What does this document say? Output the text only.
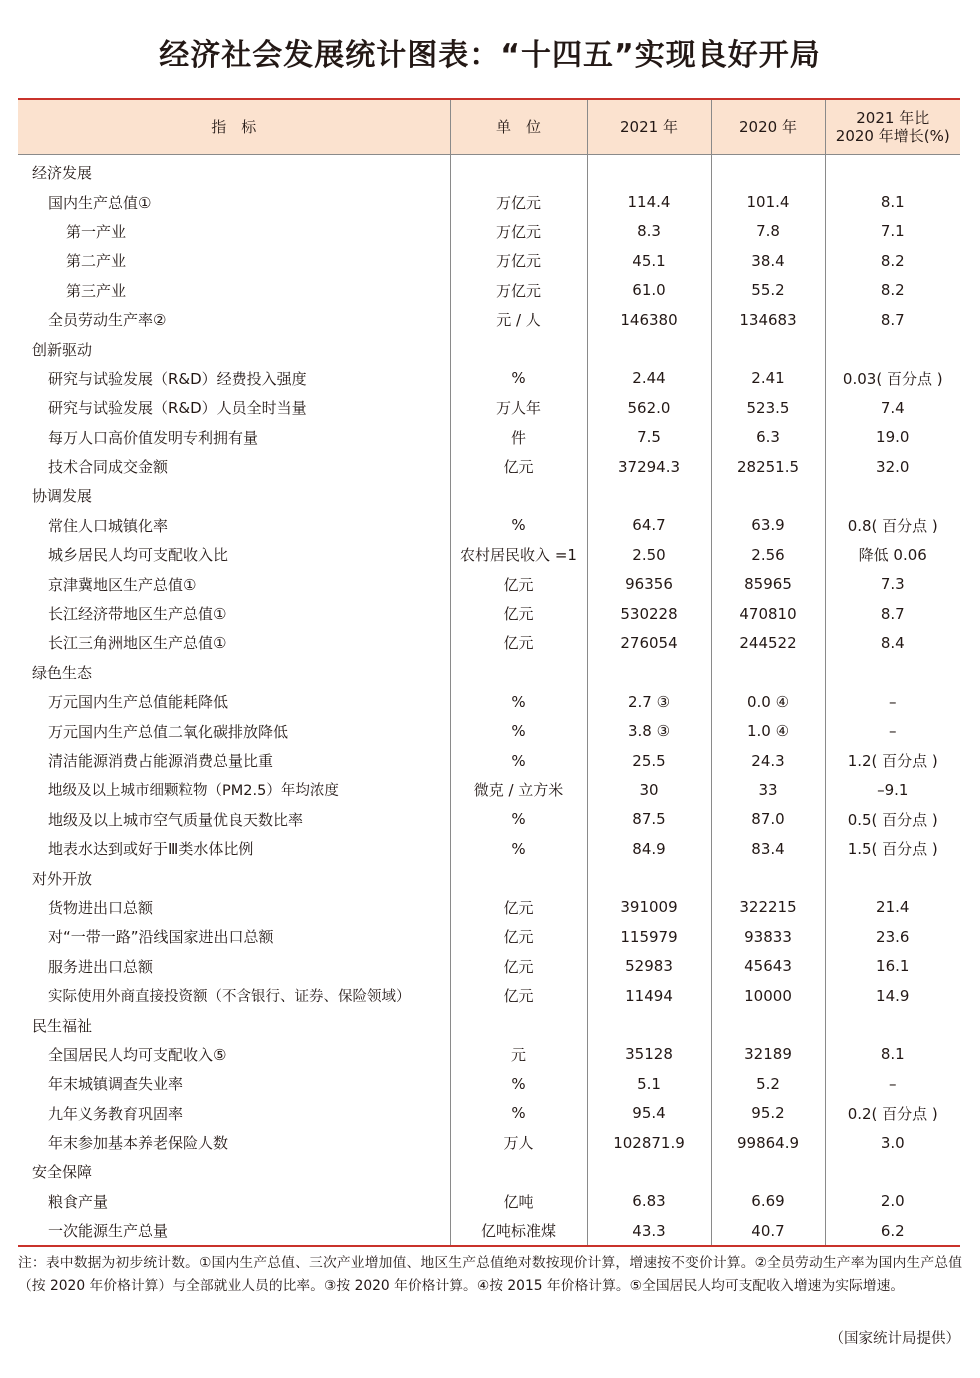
经济社会发展统计图表：“十四五”实现良好开局
指　标	单　位	2021 年	2020 年	2021 年比
2020 年增长(%)
经济发展				
国内生产总值①	万亿元	114.4	101.4	8.1
第一产业	万亿元	8.3	7.8	7.1
第二产业	万亿元	45.1	38.4	8.2
第三产业	万亿元	61.0	55.2	8.2
全员劳动生产率②	元 / 人	146380	134683	8.7
创新驱动				
研究与试验发展（R&D）经费投入强度	%	2.44	2.41	0.03( 百分点 )
研究与试验发展（R&D）人员全时当量	万人年	562.0	523.5	7.4
每万人口高价值发明专利拥有量	件	7.5	6.3	19.0
技术合同成交金额	亿元	37294.3	28251.5	32.0
协调发展				
常住人口城镇化率	%	64.7	63.9	0.8( 百分点 )
城乡居民人均可支配收入比	农村居民收入 =1	2.50	2.56	降低 0.06
京津冀地区生产总值①	亿元	96356	85965	7.3
长江经济带地区生产总值①	亿元	530228	470810	8.7
长江三角洲地区生产总值①	亿元	276054	244522	8.4
绿色生态				
万元国内生产总值能耗降低	%	2.7 ③	0.0 ④	–
万元国内生产总值二氧化碳排放降低	%	3.8 ③	1.0 ④	–
清洁能源消费占能源消费总量比重	%	25.5	24.3	1.2( 百分点 )
地级及以上城市细颗粒物（PM2.5）年均浓度	微克 / 立方米	30	33	–9.1
地级及以上城市空气质量优良天数比率	%	87.5	87.0	0.5( 百分点 )
地表水达到或好于Ⅲ类水体比例	%	84.9	83.4	1.5( 百分点 )
对外开放				
货物进出口总额	亿元	391009	322215	21.4
对“一带一路”沿线国家进出口总额	亿元	115979	93833	23.6
服务进出口总额	亿元	52983	45643	16.1
实际使用外商直接投资额（不含银行、证券、保险领域）	亿元	11494	10000	14.9
民生福祉				
全国居民人均可支配收入⑤	元	35128	32189	8.1
年末城镇调查失业率	%	5.1	5.2	–
九年义务教育巩固率	%	95.4	95.2	0.2( 百分点 )
年末参加基本养老保险人数	万人	102871.9	99864.9	3.0
安全保障				
粮食产量	亿吨	6.83	6.69	2.0
一次能源生产总量	亿吨标准煤	43.3	40.7	6.2
注：表中数据为初步统计数。①国内生产总值、三次产业增加值、地区生产总值绝对数按现价计算，增速按不变价计算。②全员劳动生产率为国内生产总值（按 2020 年价格计算）与全部就业人员的比率。③按 2020 年价格计算。④按 2015 年价格计算。⑤全国居民人均可支配收入增速为实际增速。
（国家统计局提供）
